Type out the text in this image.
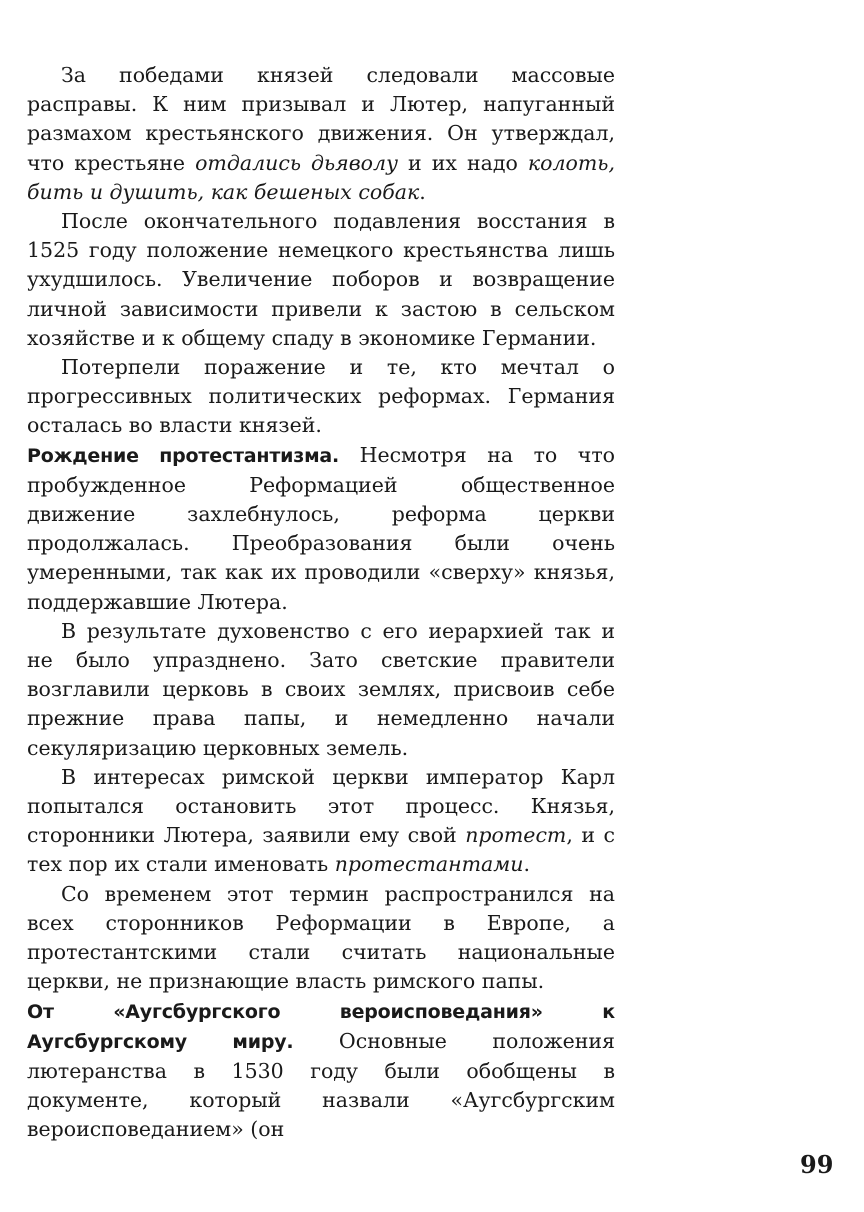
За победами князей следовали массовые расправы. К ним призывал и Лютер, напуганный размахом крестьянского движения. Он утверждал, что крестьяне отдались дьяволу и их надо колоть, бить и душить, как бешеных собак.

После окончательного подавления восстания в 1525 году положение немецкого крестьянства лишь ухудшилось. Увеличение поборов и возвращение личной зависимости привели к застою в сельском хозяйстве и к общему спаду в экономике Германии.

Потерпели поражение и те, кто мечтал о прогрессивных политических реформах. Германия осталась во власти князей.

Рождение протестантизма. Несмотря на то что пробужденное Реформацией общественное движение захлебнулось, реформа церкви продолжалась. Преобразования были очень умеренными, так как их проводили «сверху» князья, поддержавшие Лютера.

В результате духовенство с его иерархией так и не было упразднено. Зато светские правители возглавили церковь в своих землях, присвоив себе прежние права папы, и немедленно начали секуляризацию церковных земель.

В интересах римской церкви император Карл попытался остановить этот процесс. Князья, сторонники Лютера, заявили ему свой протест, и с тех пор их стали именовать протестантами.

Со временем этот термин распространился на всех сторонников Реформации в Европе, а протестантскими стали считать национальные церкви, не признающие власть римского папы.

От «Аугсбургского вероисповедания» к Аугсбургскому миру. Основные положения лютеранства в 1530 году были обобщены в документе, который назвали «Аугсбургским вероисповеданием» (он

99
